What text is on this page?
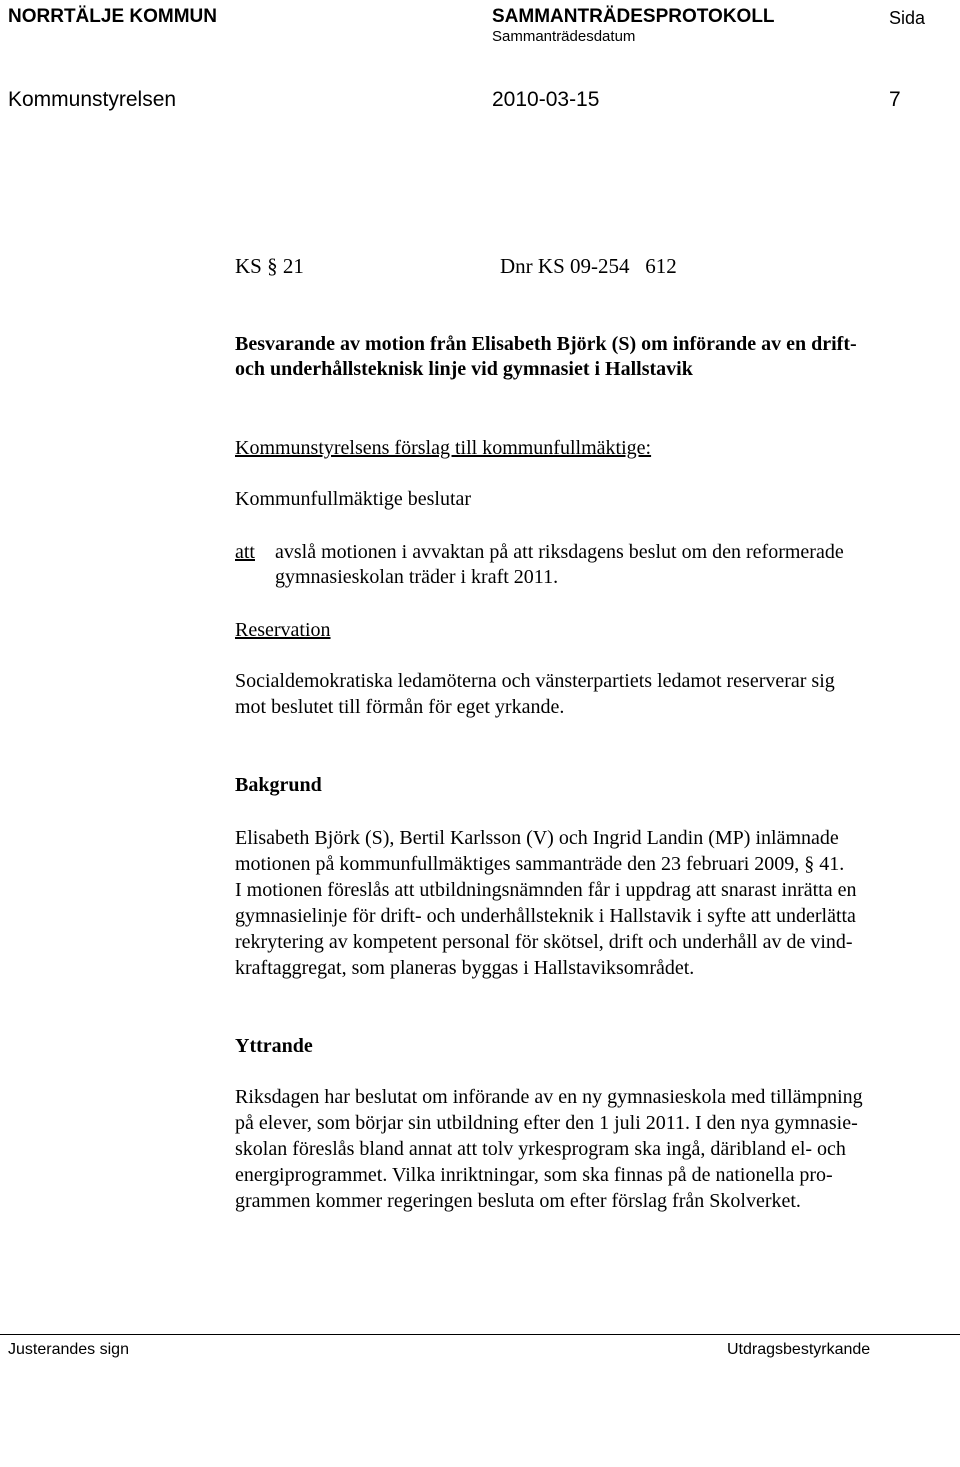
NORRTÄLJE KOMMUN	SAMMANTRÄDESPROTOKOLL	Sida
Sammanträdesdatum
Kommunstyrelsen	2010-03-15	7
KS § 21	Dnr KS 09-254   612
Besvarande av motion från Elisabeth Björk (S) om införande av en drift-
och underhållsteknisk linje vid gymnasiet i Hallstavik
Kommunstyrelsens förslag till kommunfullmäktige:
Kommunfullmäktige beslutar
att avslå motionen i avvaktan på att riksdagens beslut om den reformerade
gymnasieskolan träder i kraft 2011.
Reservation
Socialdemokratiska ledamöterna och vänsterpartiets ledamot reserverar sig
mot beslutet till förmån för eget yrkande.
Bakgrund
Elisabeth Björk (S), Bertil Karlsson (V) och Ingrid Landin (MP) inlämnade
motionen på kommunfullmäktiges sammanträde den 23 februari 2009, § 41.
I motionen föreslås att utbildningsnämnden får i uppdrag att snarast inrätta en
gymnasielinje för drift- och underhållsteknik i Hallstavik i syfte att underlätta
rekrytering av kompetent personal för skötsel, drift och underhåll av de vind-
kraftaggregat, som planeras byggas i Hallstaviksområdet.
Yttrande
Riksdagen har beslutat om införande av en ny gymnasieskola med tillämpning
på elever, som börjar sin utbildning efter den 1 juli 2011. I den nya gymnasie-
skolan föreslås bland annat att tolv yrkesprogram ska ingå, däribland el- och
energiprogrammet. Vilka inriktningar, som ska finnas på de nationella pro-
grammen kommer regeringen besluta om efter förslag från Skolverket.
Justerandes sign	Utdragsbestyrkande
